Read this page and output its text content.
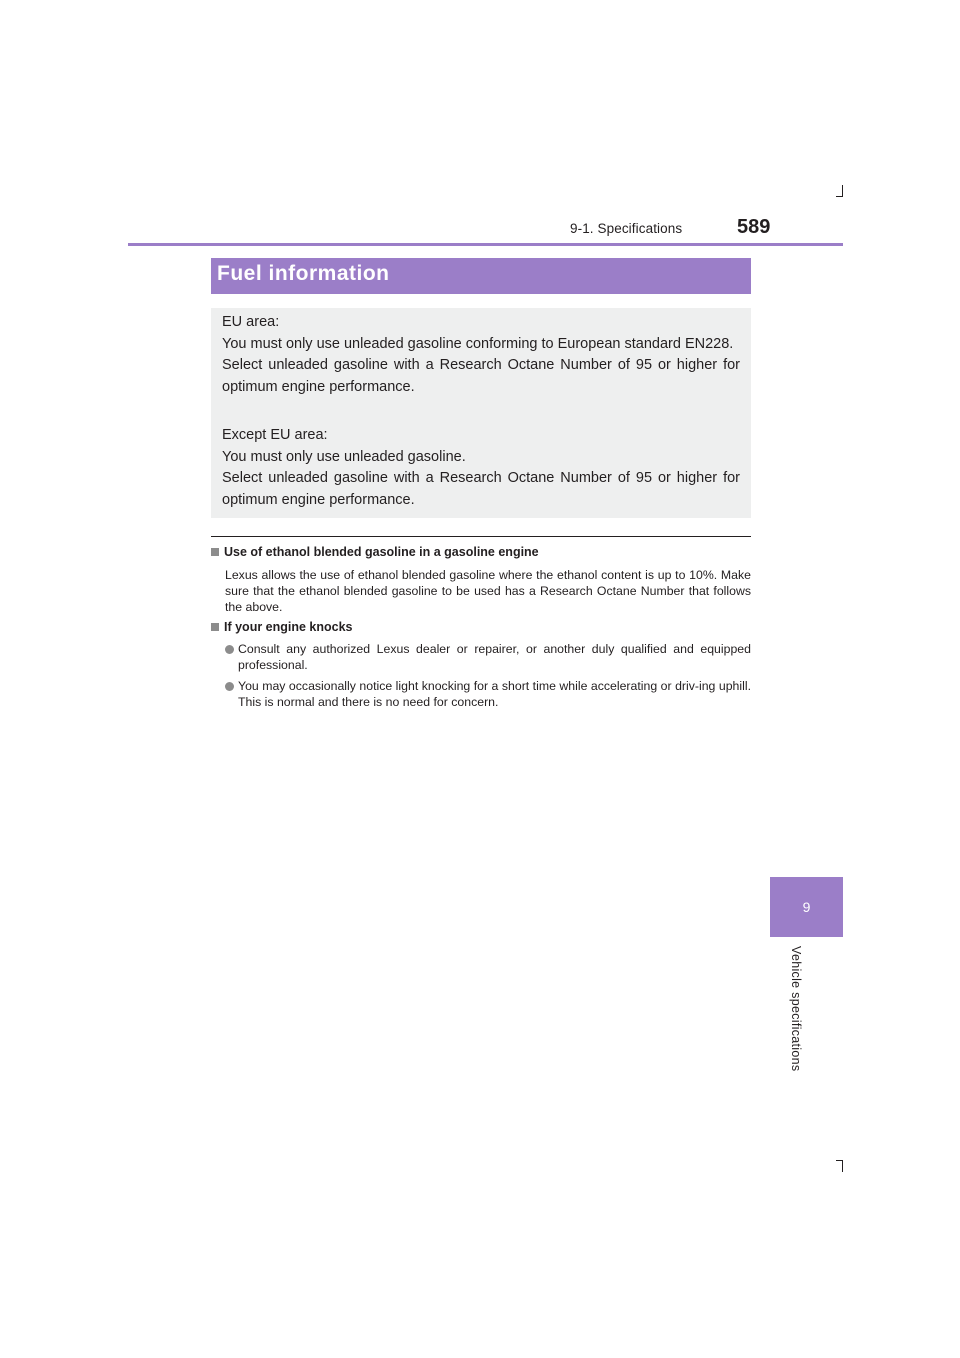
9-1. Specifications	589
9
Vehicle specifications
Fuel information
EU area:
You must only use unleaded gasoline conforming to European standard EN228.
Select unleaded gasoline with a Research Octane Number of 95 or higher for optimum engine performance.
Except EU area:
You must only use unleaded gasoline.
Select unleaded gasoline with a Research Octane Number of 95 or higher for optimum engine performance.
Use of ethanol blended gasoline in a gasoline engine
Lexus allows the use of ethanol blended gasoline where the ethanol content is up to 10%. Make sure that the ethanol blended gasoline to be used has a Research Octane Number that follows the above.
If your engine knocks
Consult any authorized Lexus dealer or repairer, or another duly qualified and equipped professional.
You may occasionally notice light knocking for a short time while accelerating or driv-ing uphill. This is normal and there is no need for concern.
